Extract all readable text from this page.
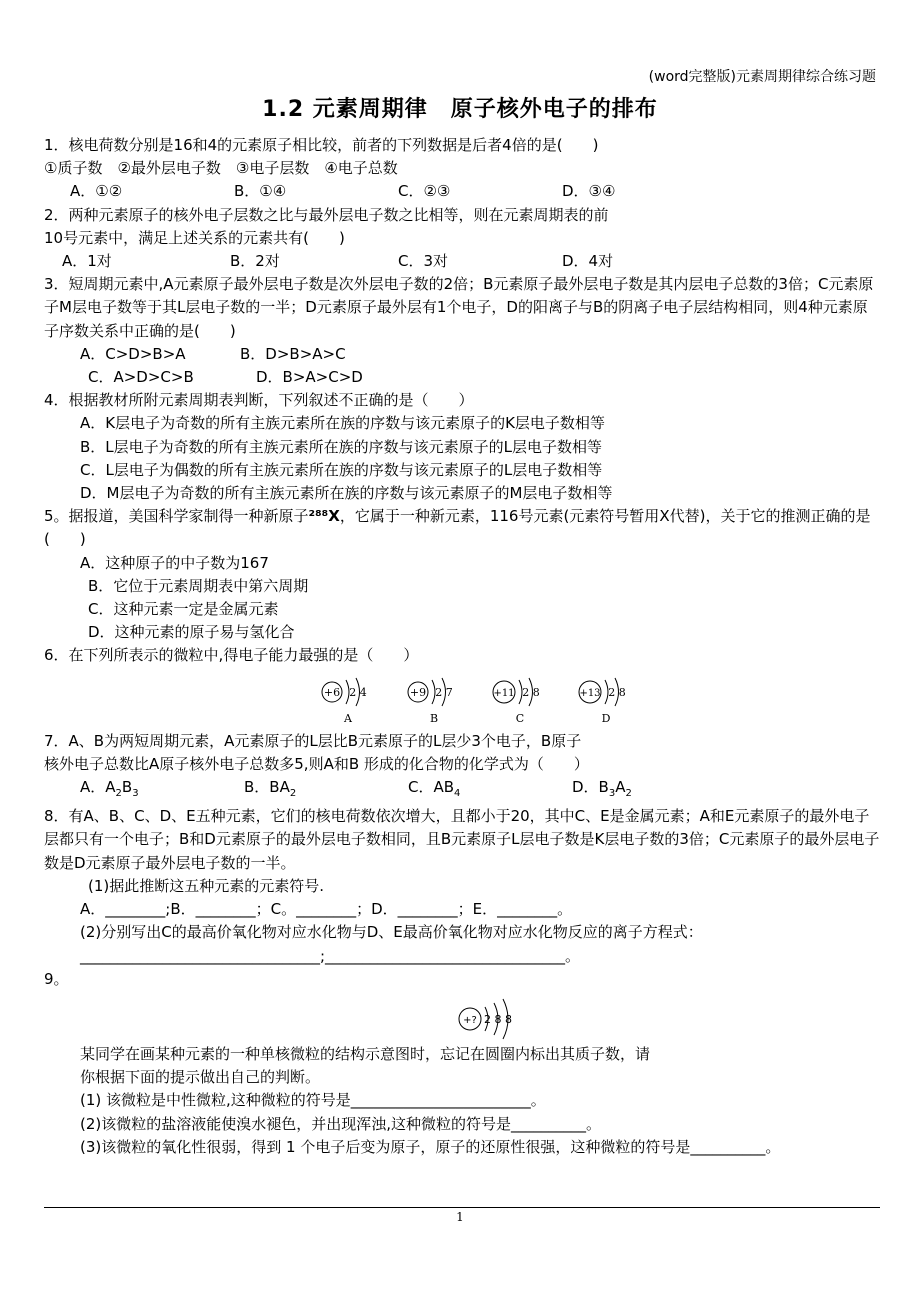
(word完整版)元素周期律综合练习题
1.2 元素周期律　原子核外电子的排布
1．核电荷数分别是16和4的元素原子相比较，前者的下列数据是后者4倍的是(　　)
①质子数　②最外层电子数　③电子层数　④电子总数
A．①②	B．①④	C．②③	D．③④
2．两种元素原子的核外电子层数之比与最外层电子数之比相等，则在元素周期表的前
10号元素中，满足上述关系的元素共有(　　)
A．1对	B．2对	C．3对	D．4对
3．短周期元素中,A元素原子最外层电子数是次外层电子数的2倍；B元素原子最外层电子数是其内层电子总数的3倍；C元素原子M层电子数等于其L层电子数的一半；D元素原子最外层有1个电子，D的阳离子与B的阴离子电子层结构相同，则4种元素原子序数关系中正确的是(　　)
A．C>D>B>A	B．D>B>A>C
C．A>D>C>B	D．B>A>C>D
4．根据教材所附元素周期表判断，下列叙述不正确的是（　　）
A．K层电子为奇数的所有主族元素所在族的序数与该元素原子的K层电子数相等
B．L层电子为奇数的所有主族元素所在族的序数与该元素原子的L层电子数相等
C．L层电子为偶数的所有主族元素所在族的序数与该元素原子的L层电子数相等
D．M层电子为奇数的所有主族元素所在族的序数与该元素原子的M层电子数相等
5。据报道，美国科学家制得一种新原子²⁸⁸X，它属于一种新元素，116号元素(元素符号暂用X代替)，关于它的推测正确的是(　　)
A．这种原子的中子数为167
B．它位于元素周期表中第六周期
C．这种元素一定是金属元素
D．这种元素的原子易与氢化合
6．在下列所表示的微粒中,得电子能力最强的是（　　）
+6 2 4
A
+9 2 7
B
+11 2 8
C
+13 2 8
D
7．A、B为两短周期元素，A元素原子的L层比B元素原子的L层少3个电子，B原子
核外电子总数比A原子核外电子总数多5,则A和B 形成的化合物的化学式为（　　）
A．$A_2B_3$	B．$BA_2$	C．$AB_4$	D．$B_3A_2$
8．有A、B、C、D、E五种元素，它们的核电荷数依次增大，且都小于20，其中C、E是金属元素；A和E元素原子的最外电子层都只有一个电子；B和D元素原子的最外层电子数相同，且B元素原子L层电子数是K层电子数的3倍；C元素原子的最外层电子数是D元素原子最外层电子数的一半。
(1)据此推断这五种元素的元素符号.
A．________;B．________；C。________；D．________；E．________。
(2)分别写出C的最高价氧化物对应水化物与D、E最高价氧化物对应水化物反应的离子方程式：
________________________________;________________________________。
9。
+? 2 8 8
某同学在画某种元素的一种单核微粒的结构示意图时，忘记在圆圈内标出其质子数，请
你根据下面的提示做出自己的判断。
(1) 该微粒是中性微粒,这种微粒的符号是________________________。
(2)该微粒的盐溶液能使溴水褪色，并出现浑浊,这种微粒的符号是__________。
(3)该微粒的氧化性很弱，得到 1 个电子后变为原子，原子的还原性很强，这种微粒的符号是__________。
1
